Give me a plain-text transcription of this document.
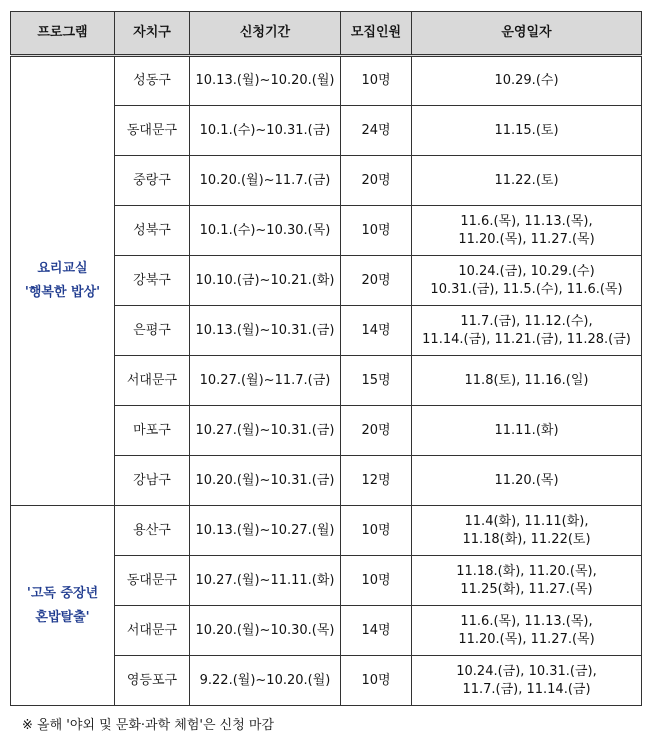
프로그램	자치구	신청기간	모집인원	운영일자

요리교실
'행복한 밥상'	성동구	10.13.(월)~10.20.(월)	10명	10.29.(수)

	동대문구	10.1.(수)~10.31.(금)	24명	11.15.(토)

	중랑구	10.20.(월)~11.7.(금)	20명	11.22.(토)

	성북구	10.1.(수)~10.30.(목)	10명	11.6.(목), 11.13.(목),
11.20.(목), 11.27.(목)

	강북구	10.10.(금)~10.21.(화)	20명	10.24.(금), 10.29.(수)
10.31.(금), 11.5.(수), 11.6.(목)

	은평구	10.13.(월)~10.31.(금)	14명	11.7.(금), 11.12.(수),
11.14.(금), 11.21.(금), 11.28.(금)

	서대문구	10.27.(월)~11.7.(금)	15명	11.8(토), 11.16.(일)

	마포구	10.27.(월)~10.31.(금)	20명	11.11.(화)

	강남구	10.20.(월)~10.31.(금)	12명	11.20.(목)

'고독 중장년
혼밥탈출'	용산구	10.13.(월)~10.27.(월)	10명	11.4(화), 11.11(화),
11.18(화), 11.22(토)

	동대문구	10.27.(월)~11.11.(화)	10명	11.18.(화), 11.20.(목),
11.25(화), 11.27.(목)

	서대문구	10.20.(월)~10.30.(목)	14명	11.6.(목), 11.13.(목),
11.20.(목), 11.27.(목)

	영등포구	9.22.(월)~10.20.(월)	10명	10.24.(금), 10.31.(금),
11.7.(금), 11.14.(금)
※ 올해 '야외 및 문화·과학 체험'은 신청 마감
